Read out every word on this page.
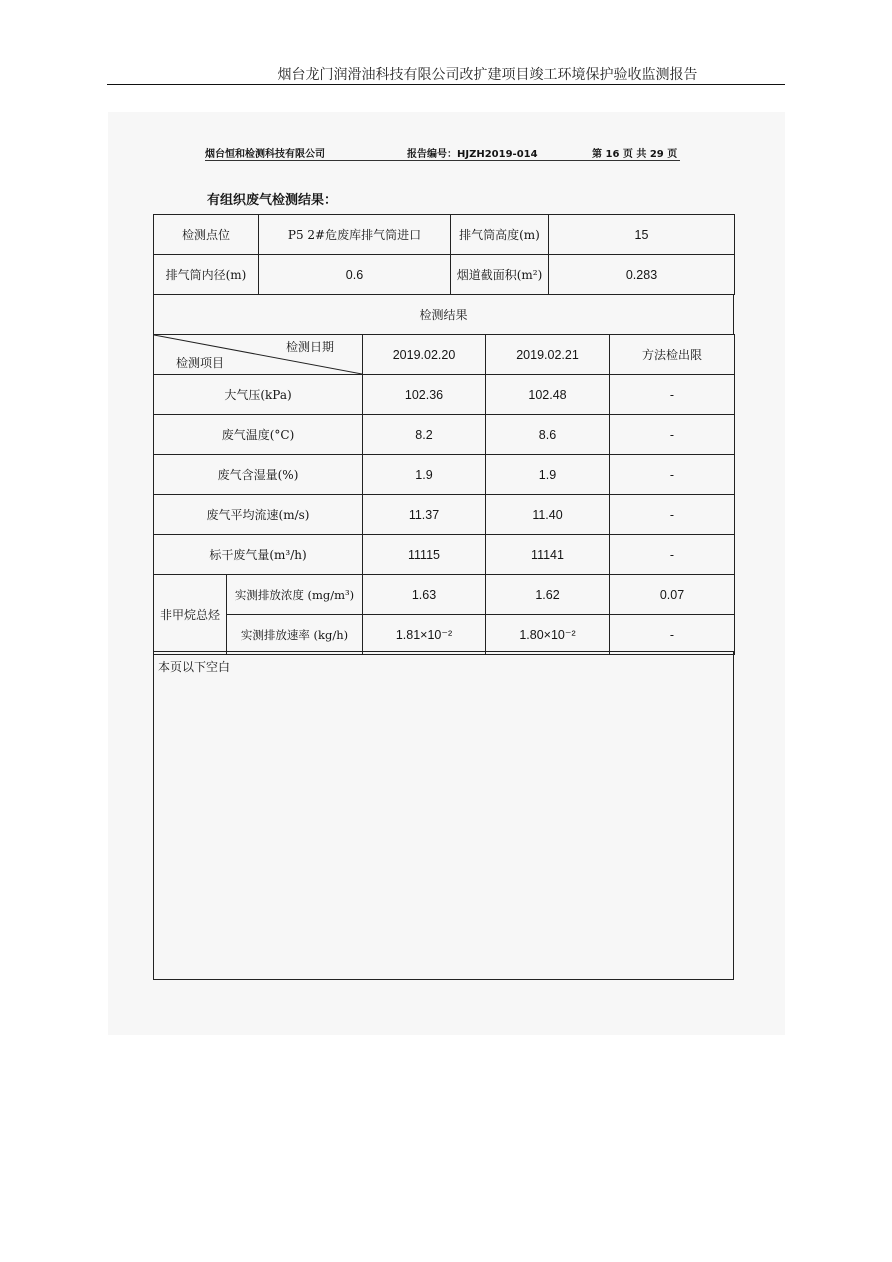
烟台龙门润滑油科技有限公司改扩建项目竣工环境保护验收监测报告
烟台恒和检测科技有限公司	报告编号：HJZH2019-014	第 16 页 共 29 页
有组织废气检测结果：
检测点位	P5 2#危废库排气筒进口	排气筒高度(m)	15
排气筒内径(m)	0.6	烟道截面积(m²)	0.283
检测结果
检测日期
检测项目		2019.02.20	2019.02.21	方法检出限
大气压(kPa)		102.36	102.48	-
废气温度(°C)		8.2	8.6	-
废气含湿量(%)		1.9	1.9	-
废气平均流速(m/s)		11.37	11.40	-
标干废气量(m³/h)		11115	11141	-
非甲烷总烃	实测排放浓度 (mg/m³)	1.63	1.62	0.07
	实测排放速率 (kg/h)	1.81×10⁻²	1.80×10⁻²	-
本页以下空白
